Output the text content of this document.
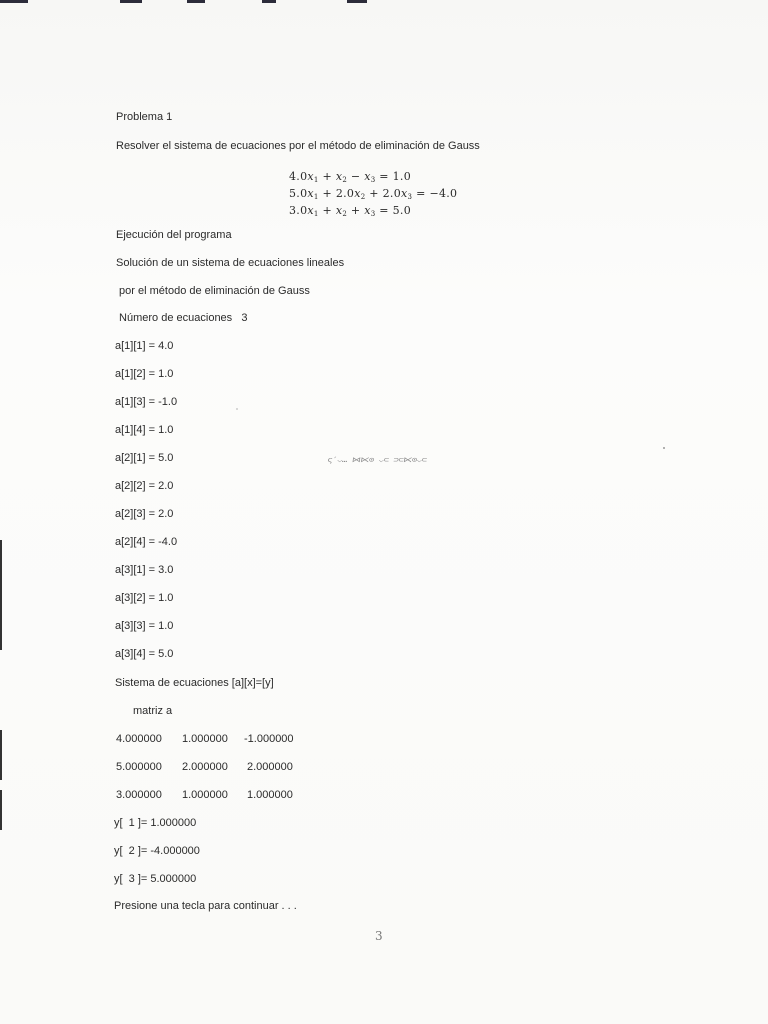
Problema 1
Resolver el sistema de ecuaciones por el método de eliminación de Gauss
$4.0x_1 + x_2 - x_3 = 1.0$
$5.0x_1 + 2.0x_2 + 2.0x_3 = -4.0$
$3.0x_1 + x_2 + x_3 = 5.0$
Ejecución del programa
Solución de un sistema de ecuaciones lineales
por el método de eliminación de Gauss
Número de ecuaciones   3
a[1][1] = 4.0
a[1][2] = 1.0
a[1][3] = -1.0
a[1][4] = 1.0
a[2][1] = 5.0
a[2][2] = 2.0
a[2][3] = 2.0
a[2][4] = -4.0
a[3][1] = 3.0
a[3][2] = 1.0
a[3][3] = 1.0
a[3][4] = 5.0
ς′⌵… ⋈⋉⊙ ⌵⊂ ⊃⊂⋉⊙⌵⊂
Sistema de ecuaciones [a][x]=[y]
matriz a
4.000000 1.000000 -1.000000
5.000000 2.000000 2.000000
3.000000 1.000000 1.000000
y[  1 ]= 1.000000
y[  2 ]= -4.000000
y[  3 ]= 5.000000
Presione una tecla para continuar . . .
3
